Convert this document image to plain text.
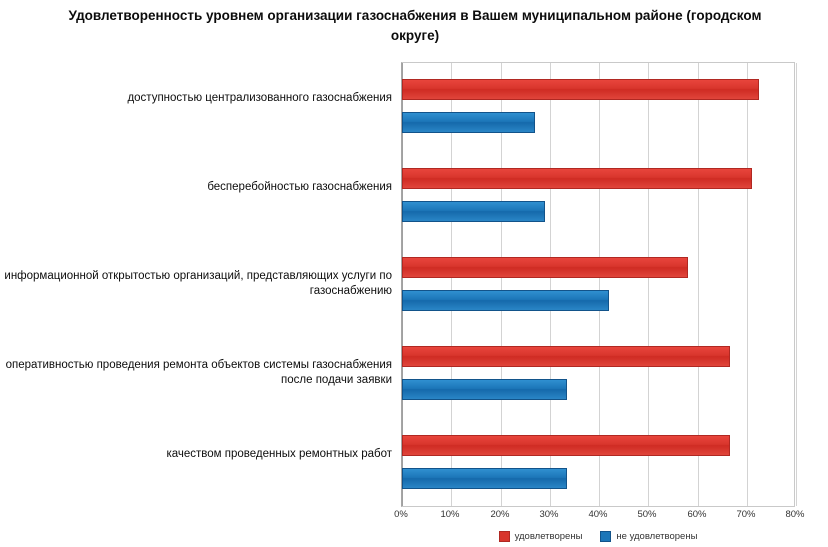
Удовлетворенность уровнем организации газоснабжения в Вашем муниципальном районе (городском округе)
доступностью централизованного газоснабжения
бесперебойностью газоснабжения
информационной открытостью организаций, представляющих услуги по газоснабжению
оперативностью проведения ремонта объектов системы газоснабжения после подачи заявки
качеством проведенных ремонтных работ
0%	10%	20%	30%	40%	50%	60%	70%	80%
удовлетворены	не удовлетворены
